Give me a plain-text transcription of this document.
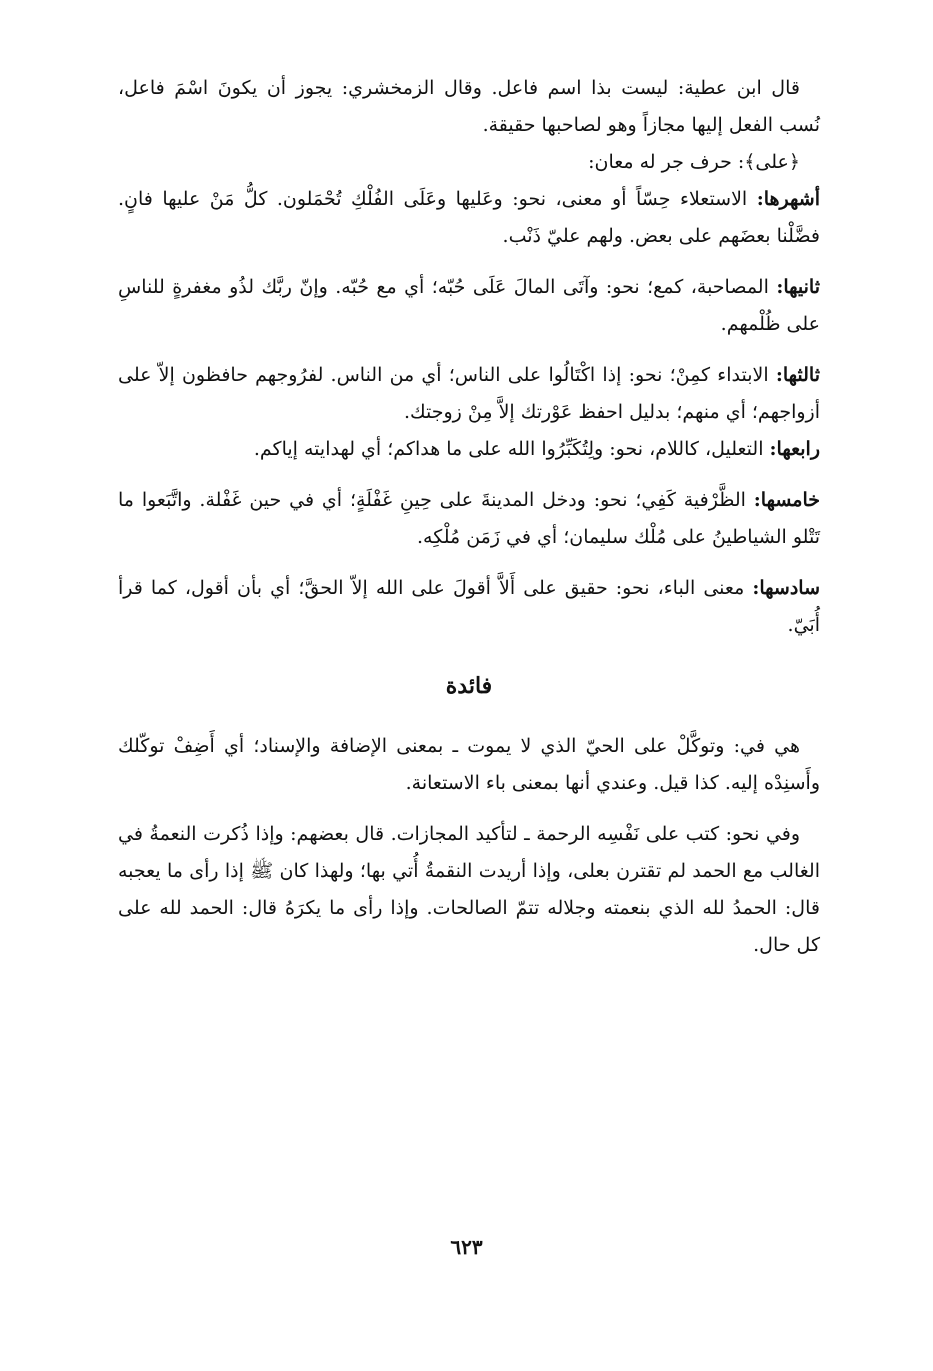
قال ابن عطية: ليست بذا اسم فاعل. وقال الزمخشري: يجوز أن يكونَ اسْمَ فاعل، نُسب الفعل إليها مجازاً وهو لصاحبها حقيقة.

﴿على﴾: حرف جر له معان:

أشهرها: الاستعلاء حِسّاً أو معنى، نحو: وعَليها وعَلَى الفُلْكِ تُحْمَلون. كلُّ مَنْ عليها فانٍ. فضَّلْنا بعضَهم على بعض. ولهم عليّ ذَنْب.

ثانيها: المصاحبة، كمع؛ نحو: وآتَى المالَ عَلَى حُبّه؛ أي مع حُبّه. وإنّ ربَّك لذُو مغفرةٍ للناسِ على ظُلْمهم.

ثالثها: الابتداء كمِنْ؛ نحو: إذا اكْتَالُوا على الناس؛ أي من الناس. لفرُوجهم حافظون إلاّ على أزواجهم؛ أي منهم؛ بدليل احفظ عَوْرتك إلاَّ مِنْ زوجتك.

رابعها: التعليل، كاللام، نحو: ولِتُكَبِّرُوا الله على ما هداكم؛ أي لهدايته إياكم.

خامسها: الظَّرْفية كَفِي؛ نحو: ودخل المدينةَ على حِينِ غَفْلَةٍ؛ أي في حين غَفْلة. واتَّبَعوا ما تَتْلو الشياطينُ على مُلْك سليمان؛ أي في زَمَن مُلْكِه.

سادسها: معنى الباء، نحو: حقيق على أَلاَّ أقولَ على الله إلاّ الحقَّ؛ أي بأن أقول، كما قرأ أُبَيّ.

فائدة

هي في: وتوكَّلْ على الحيّ الذي لا يموت ـ بمعنى الإضافة والإسناد؛ أي أَضِفْ توكّلك وأَسنِدْه إليه. كذا قيل. وعندي أنها بمعنى باء الاستعانة.

وفي نحو: كتب على نَفْسِه الرحمة ـ لتأكيد المجازات. قال بعضهم: وإذا ذُكرت النعمةُ في الغالب مع الحمد لم تقترن بعلى، وإذا أريدت النقمةُ أُتي بها؛ ولهذا كان ﷺ إذا رأى ما يعجبه قال: الحمدُ لله الذي بنعمته وجلاله تتمّ الصالحات. وإذا رأى ما يكرَهُ قال: الحمد لله على كل حال.

٦٢٣
